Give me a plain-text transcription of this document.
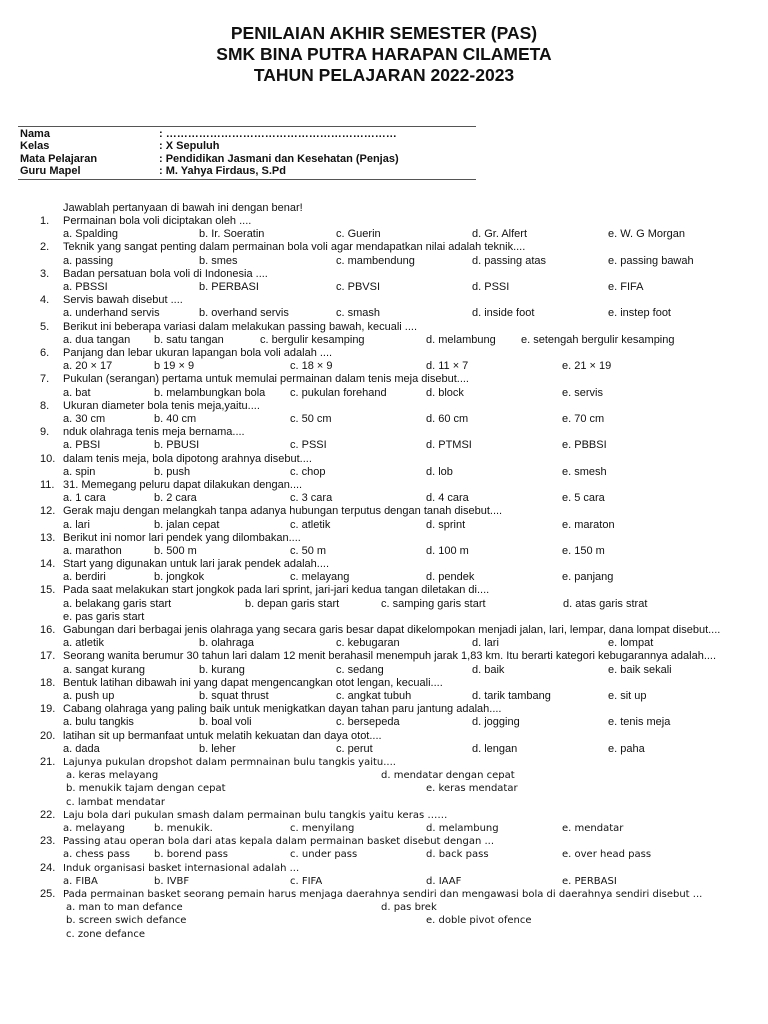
PENILAIAN AKHIR SEMESTER (PAS)
SMK BINA PUTRA HARAPAN CILAMETA
TAHUN PELAJARAN 2022-2023
Nama	: ………………………………………………………
Kelas	: X Sepuluh
Mata Pelajaran	: Pendidikan Jasmani dan Kesehatan (Penjas)
Guru Mapel	: M. Yahya Firdaus, S.Pd
Jawablah pertanyaan di bawah ini dengan benar!
1. Permainan bola voli diciptakan oleh ....
a. Spalding	b. Ir. Soeratin	c. Guerin	d. Gr. Alfert	e. W. G Morgan
2. Teknik yang sangat penting dalam permainan bola voli agar mendapatkan nilai adalah teknik....
a. passing	b. smes	c. mambendung	d. passing atas	e. passing bawah
3. Badan persatuan bola voli di Indonesia ....
a. PBSSI	b. PERBASI	c. PBVSI	d. PSSI	e. FIFA
4. Servis bawah disebut ....
a. underhand servis	b. overhand servis	c. smash	d. inside foot	e. instep foot
5. Berikut ini beberapa variasi dalam melakukan passing bawah, kecuali ....
a. dua tangan b. satu tangan	c. bergulir kesamping	d. melambung e. setengah bergulir kesamping
6. Panjang dan lebar ukuran lapangan bola voli adalah ....
a. 20 × 17	b 19 × 9	c. 18 × 9	d. 11 × 7	e. 21 × 19
7. Pukulan (serangan) pertama untuk memulai permainan dalam tenis meja disebut....
a. bat	b. melambungkan bola c. pukulan forehand	d. block	e. servis
8. Ukuran diameter bola tenis meja,yaitu....
a. 30 cm	b. 40 cm	c. 50 cm	d. 60 cm	e. 70 cm
9. nduk olahraga tenis meja bernama....
a. PBSI	b. PBUSI	c. PSSI	d. PTMSI	e. PBBSI
10. dalam tenis meja, bola dipotong arahnya disebut....
a. spin	b. push	c. chop	d. lob	e. smesh
11. 31. Memegang peluru dapat dilakukan dengan....
a. 1 cara	b. 2 cara	c. 3 cara	d. 4 cara	e. 5 cara
12. Gerak maju dengan melangkah tanpa adanya hubungan terputus dengan tanah disebut....
a. lari	b. jalan cepat	c. atletik	d. sprint	e. maraton
13. Berikut ini nomor lari pendek yang dilombakan....
a. marathon	b. 500 m	c. 50 m	d. 100 m	e. 150 m
14. Start yang digunakan untuk lari jarak pendek adalah....
a. berdiri	b. jongkok	c. melayang	d. pendek	e. panjang
15. Pada saat melakukan start jongkok pada lari sprint, jari-jari kedua tangan diletakan di....
a. belakang garis start	b. depan garis start	c. samping garis start	d. atas garis strat
e. pas garis start
16. Gabungan dari berbagai jenis olahraga yang secara garis besar dapat dikelompokan menjadi jalan, lari, lempar, dana lompat disebut....
a. atletik	b. olahraga	c. kebugaran	d. lari	e. lompat
17. Seorang wanita berumur 30 tahun lari dalam 12 menit berahasil menempuh jarak 1,83 km. Itu berarti kategori kebugarannya adalah....
a. sangat kurang	b. kurang	c. sedang	d. baik	e. baik sekali
18. Bentuk latihan dibawah ini yang dapat mengencangkan otot lengan, kecuali....
a. push up	b. squat thrust	c. angkat tubuh	d. tarik tambang	e. sit up
19. Cabang olahraga yang paling baik untuk menigkatkan dayan tahan paru jantung adalah....
a. bulu tangkis	b. boal voli	c. bersepeda	d. jogging	e. tenis meja
20. latihan sit up bermanfaat untuk melatih kekuatan dan daya otot....
a. dada	b. leher	c. perut	d. lengan	e. paha
21. Lajunya pukulan dropshot dalam permnainan bulu tangkis yaitu....
a. keras melayang	d. mendatar dengan cepat
b. menukik tajam dengan cepat	e. keras mendatar
c. lambat mendatar
22. Laju bola dari pukulan smash dalam permainan bulu tangkis yaitu keras ……
a. melayang	b. menukik.	c. menyilang	d. melambung	e. mendatar
23. Passing atau operan bola dari atas kepala dalam permainan basket disebut dengan ...
a. chess pass b. borend pass	c. under pass	d. back pass	e. over head pass
24. Induk organisasi basket internasional adalah ...
a. FIBA	b. IVBF	c. FIFA	d. IAAF	e. PERBASI
25. Pada permainan basket seorang pemain harus menjaga daerahnya sendiri dan mengawasi bola di daerahnya sendiri disebut ...
a. man to man defance	d. pas brek
b. screen swich defance	e. doble pivot ofence
c. zone defance
